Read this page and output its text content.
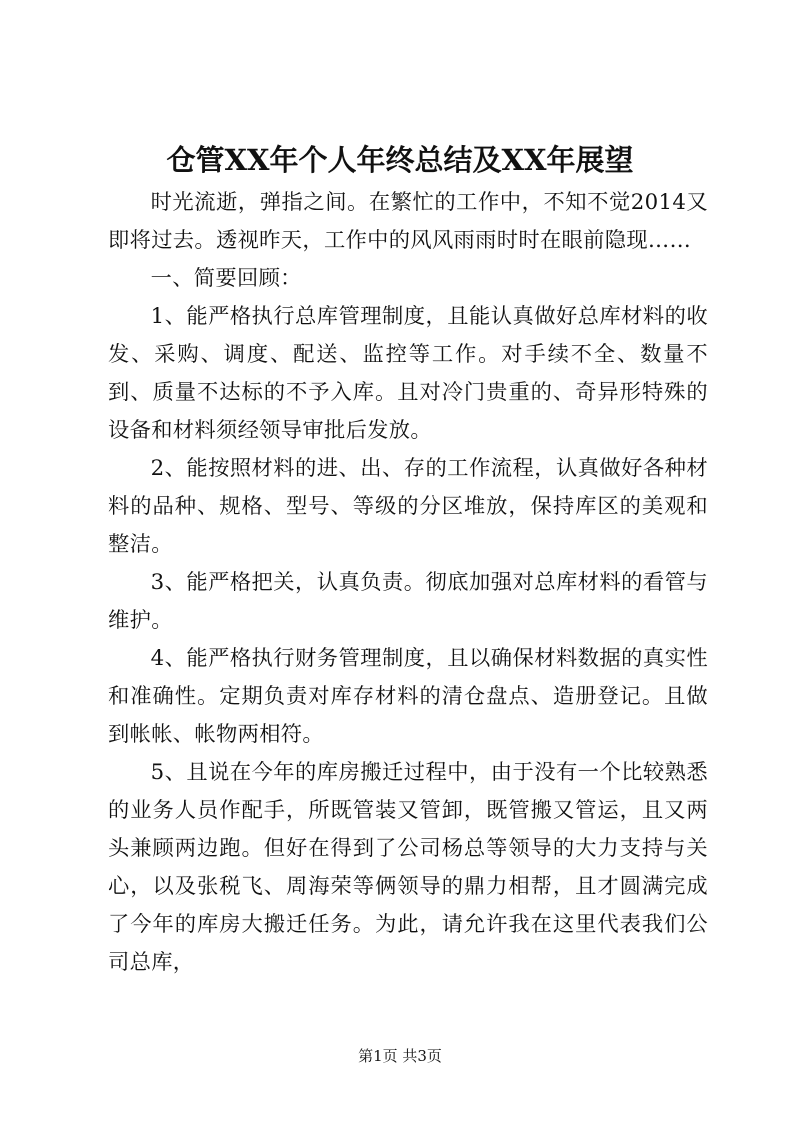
仓管XX年个人年终总结及XX年展望

时光流逝，弹指之间。在繁忙的工作中，不知不觉2014又即将过去。透视昨天，工作中的风风雨雨时时在眼前隐现……

一、简要回顾：

1、能严格执行总库管理制度，且能认真做好总库材料的收发、采购、调度、配送、监控等工作。对手续不全、数量不到、质量不达标的不予入库。且对冷门贵重的、奇异形特殊的设备和材料须经领导审批后发放。

2、能按照材料的进、出、存的工作流程，认真做好各种材料的品种、规格、型号、等级的分区堆放，保持库区的美观和整洁。

3、能严格把关，认真负责。彻底加强对总库材料的看管与维护。

4、能严格执行财务管理制度，且以确保材料数据的真实性和准确性。定期负责对库存材料的清仓盘点、造册登记。且做到帐帐、帐物两相符。

5、且说在今年的库房搬迁过程中，由于没有一个比较熟悉的业务人员作配手，所既管装又管卸，既管搬又管运，且又两头兼顾两边跑。但好在得到了公司杨总等领导的大力支持与关心，以及张税飞、周海荣等俩领导的鼎力相帮，且才圆满完成了今年的库房大搬迁任务。为此，请允许我在这里代表我们公司总库，

第1页 共3页
